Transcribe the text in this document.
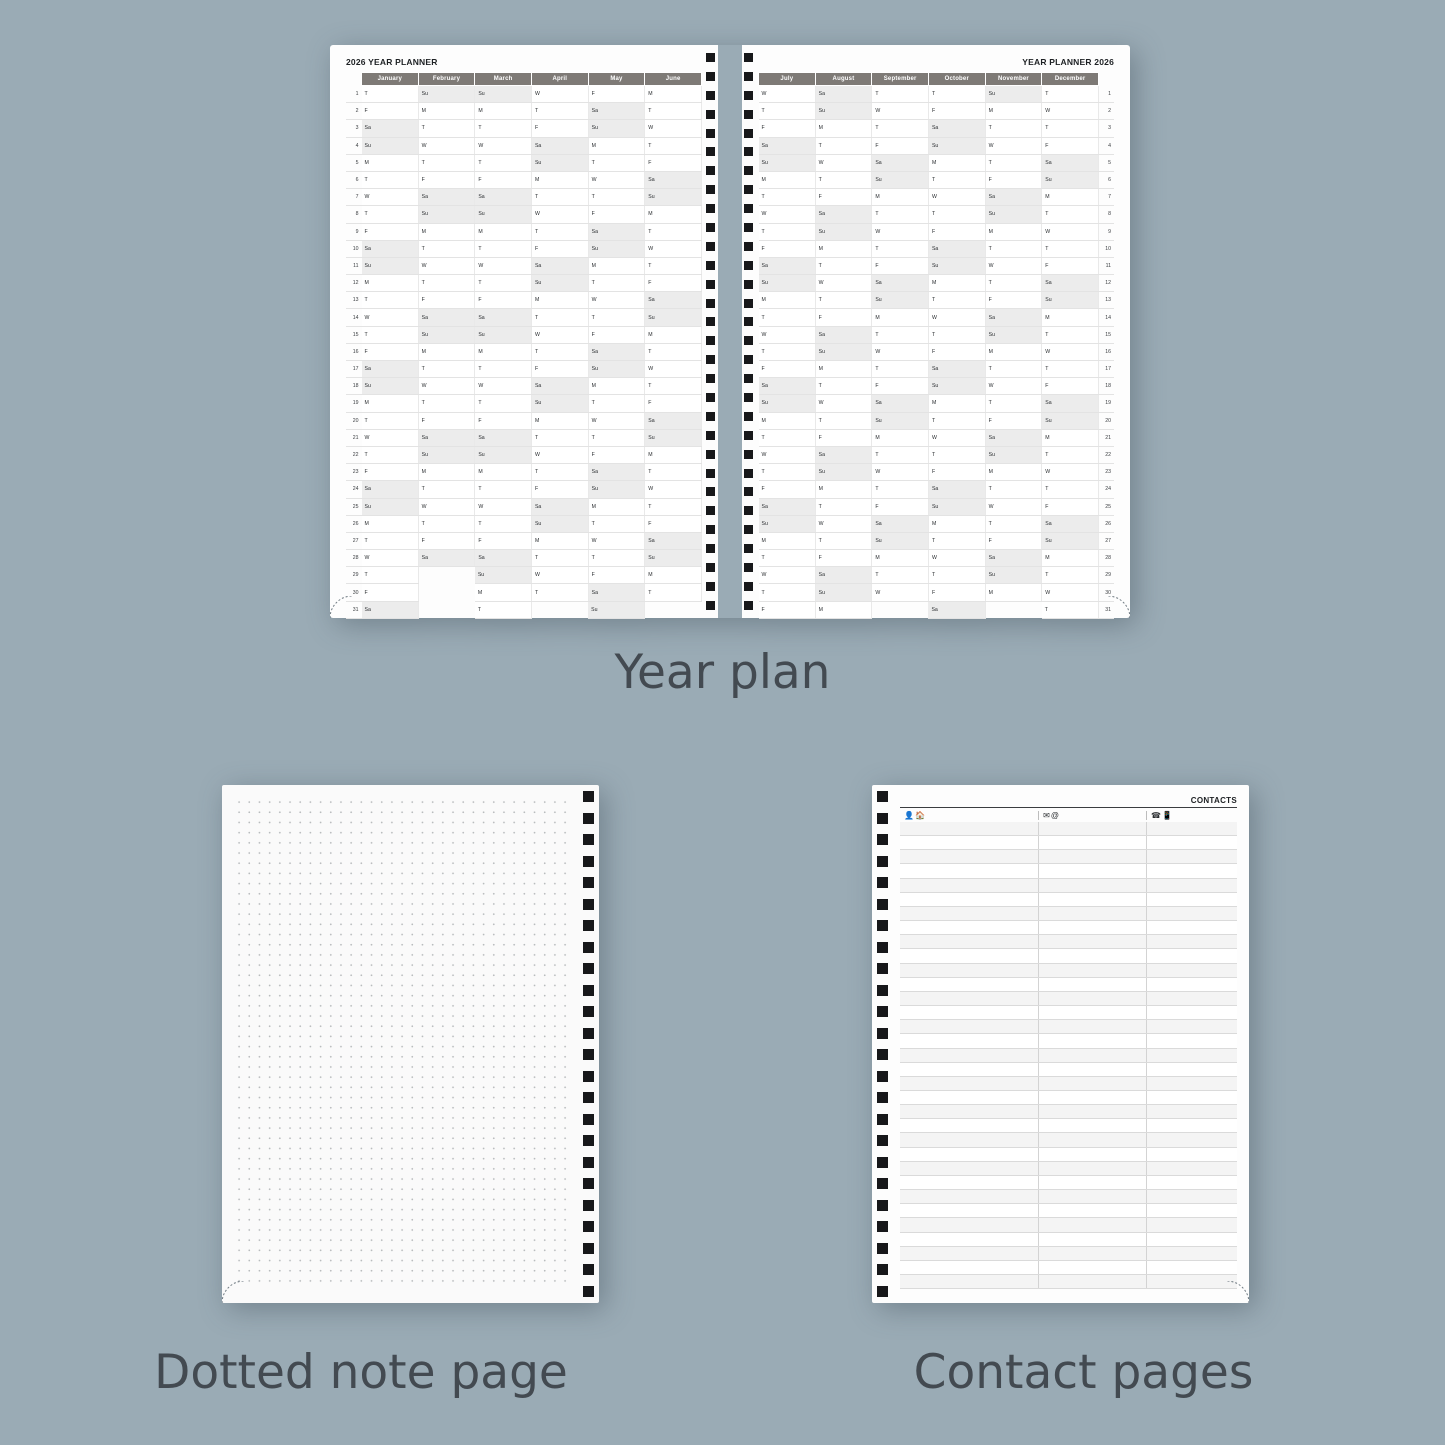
2026 YEAR PLANNER
	January	February	March	April	May	June
1	T	Su	Su	W	F	M
2	F	M	M	T	Sa	T
3	Sa	T	T	F	Su	W
4	Su	W	W	Sa	M	T
5	M	T	T	Su	T	F
6	T	F	F	M	W	Sa
7	W	Sa	Sa	T	T	Su
8	T	Su	Su	W	F	M
9	F	M	M	T	Sa	T
10	Sa	T	T	F	Su	W
11	Su	W	W	Sa	M	T
12	M	T	T	Su	T	F
13	T	F	F	M	W	Sa
14	W	Sa	Sa	T	T	Su
15	T	Su	Su	W	F	M
16	F	M	M	T	Sa	T
17	Sa	T	T	F	Su	W
18	Su	W	W	Sa	M	T
19	M	T	T	Su	T	F
20	T	F	F	M	W	Sa
21	W	Sa	Sa	T	T	Su
22	T	Su	Su	W	F	M
23	F	M	M	T	Sa	T
24	Sa	T	T	F	Su	W
25	Su	W	W	Sa	M	T
26	M	T	T	Su	T	F
27	T	F	F	M	W	Sa
28	W	Sa	Sa	T	T	Su
29	T		Su	W	F	M
30	F		M	T	Sa	T
31	Sa		T		Su	
YEAR PLANNER 2026
July	August	September	October	November	December	
W	Sa	T	T	Su	T	1
T	Su	W	F	M	W	2
F	M	T	Sa	T	T	3
Sa	T	F	Su	W	F	4
Su	W	Sa	M	T	Sa	5
M	T	Su	T	F	Su	6
T	F	M	W	Sa	M	7
W	Sa	T	T	Su	T	8
T	Su	W	F	M	W	9
F	M	T	Sa	T	T	10
Sa	T	F	Su	W	F	11
Su	W	Sa	M	T	Sa	12
M	T	Su	T	F	Su	13
T	F	M	W	Sa	M	14
W	Sa	T	T	Su	T	15
T	Su	W	F	M	W	16
F	M	T	Sa	T	T	17
Sa	T	F	Su	W	F	18
Su	W	Sa	M	T	Sa	19
M	T	Su	T	F	Su	20
T	F	M	W	Sa	M	21
W	Sa	T	T	Su	T	22
T	Su	W	F	M	W	23
F	M	T	Sa	T	T	24
Sa	T	F	Su	W	F	25
Su	W	Sa	M	T	Sa	26
M	T	Su	T	F	Su	27
T	F	M	W	Sa	M	28
W	Sa	T	T	Su	T	29
T	Su	W	F	M	W	30
F	M		Sa		T	31
Year plan
Dotted note page
CONTACTS
👤🏠	✉@	☎📱
Contact pages
